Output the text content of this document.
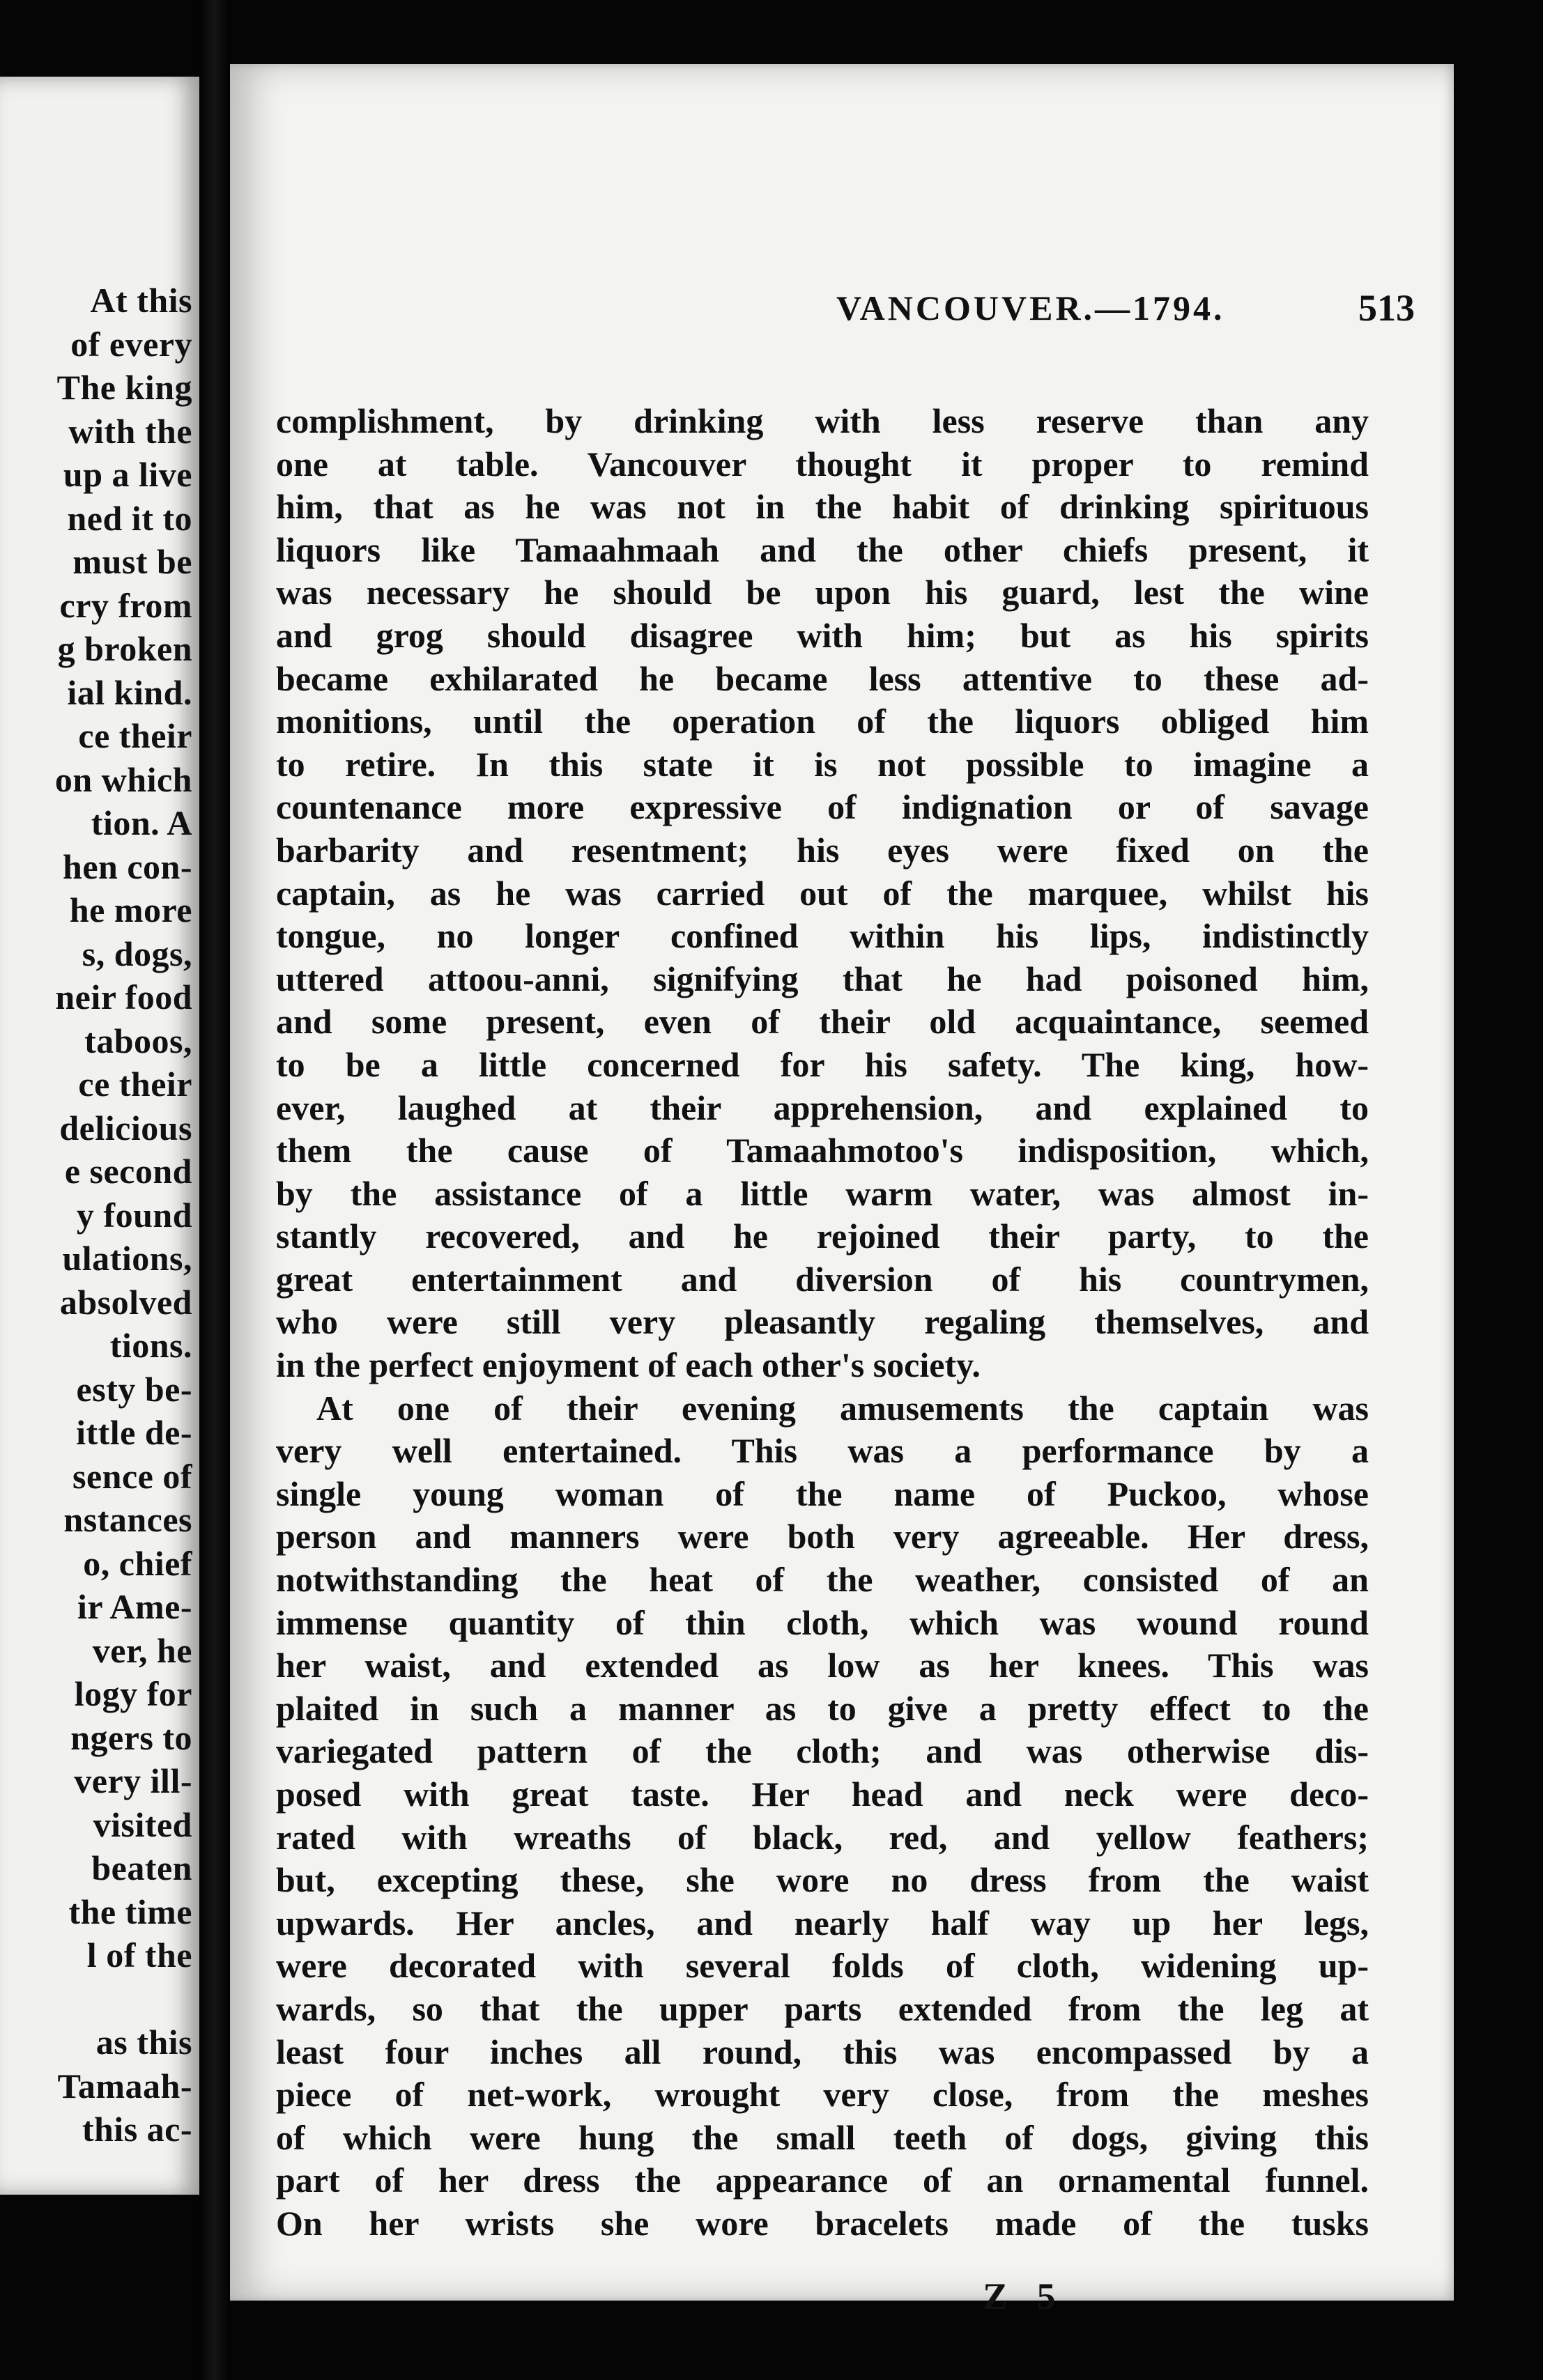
At this
of every
The king
with the
up a live
ned it to
must be
cry from
g broken
ial kind.
ce their
on which
tion. A
hen con-
he more
s, dogs,
neir food
taboos,
ce their
delicious
e second
y found
ulations,
absolved
tions.
esty be-
ittle de-
sence of
nstances
o, chief
ir Ame-
ver, he
logy for
ngers to
very ill-
visited
beaten
the time
l of the
as this
Tamaah-
this ac-
VANCOUVER.—1794.	513
complishment, by drinking with less reserve than any
one at table. Vancouver thought it proper to remind
him, that as he was not in the habit of drinking spirituous
liquors like Tamaahmaah and the other chiefs present, it
was necessary he should be upon his guard, lest the wine
and grog should disagree with him; but as his spirits
became exhilarated he became less attentive to these ad-
monitions, until the operation of the liquors obliged him
to retire. In this state it is not possible to imagine a
countenance more expressive of indignation or of savage
barbarity and resentment; his eyes were fixed on the
captain, as he was carried out of the marquee, whilst his
tongue, no longer confined within his lips, indistinctly
uttered attoou-anni, signifying that he had poisoned him,
and some present, even of their old acquaintance, seemed
to be a little concerned for his safety. The king, how-
ever, laughed at their apprehension, and explained to
them the cause of Tamaahmotoo's indisposition, which,
by the assistance of a little warm water, was almost in-
stantly recovered, and he rejoined their party, to the
great entertainment and diversion of his countrymen,
who were still very pleasantly regaling themselves, and
in the perfect enjoyment of each other's society.
At one of their evening amusements the captain was
very well entertained. This was a performance by a
single young woman of the name of Puckoo, whose
person and manners were both very agreeable. Her dress,
notwithstanding the heat of the weather, consisted of an
immense quantity of thin cloth, which was wound round
her waist, and extended as low as her knees. This was
plaited in such a manner as to give a pretty effect to the
variegated pattern of the cloth; and was otherwise dis-
posed with great taste. Her head and neck were deco-
rated with wreaths of black, red, and yellow feathers;
but, excepting these, she wore no dress from the waist
upwards. Her ancles, and nearly half way up her legs,
were decorated with several folds of cloth, widening up-
wards, so that the upper parts extended from the leg at
least four inches all round, this was encompassed by a
piece of net-work, wrought very close, from the meshes
of which were hung the small teeth of dogs, giving this
part of her dress the appearance of an ornamental funnel.
On her wrists she wore bracelets made of the tusks
Z 5
